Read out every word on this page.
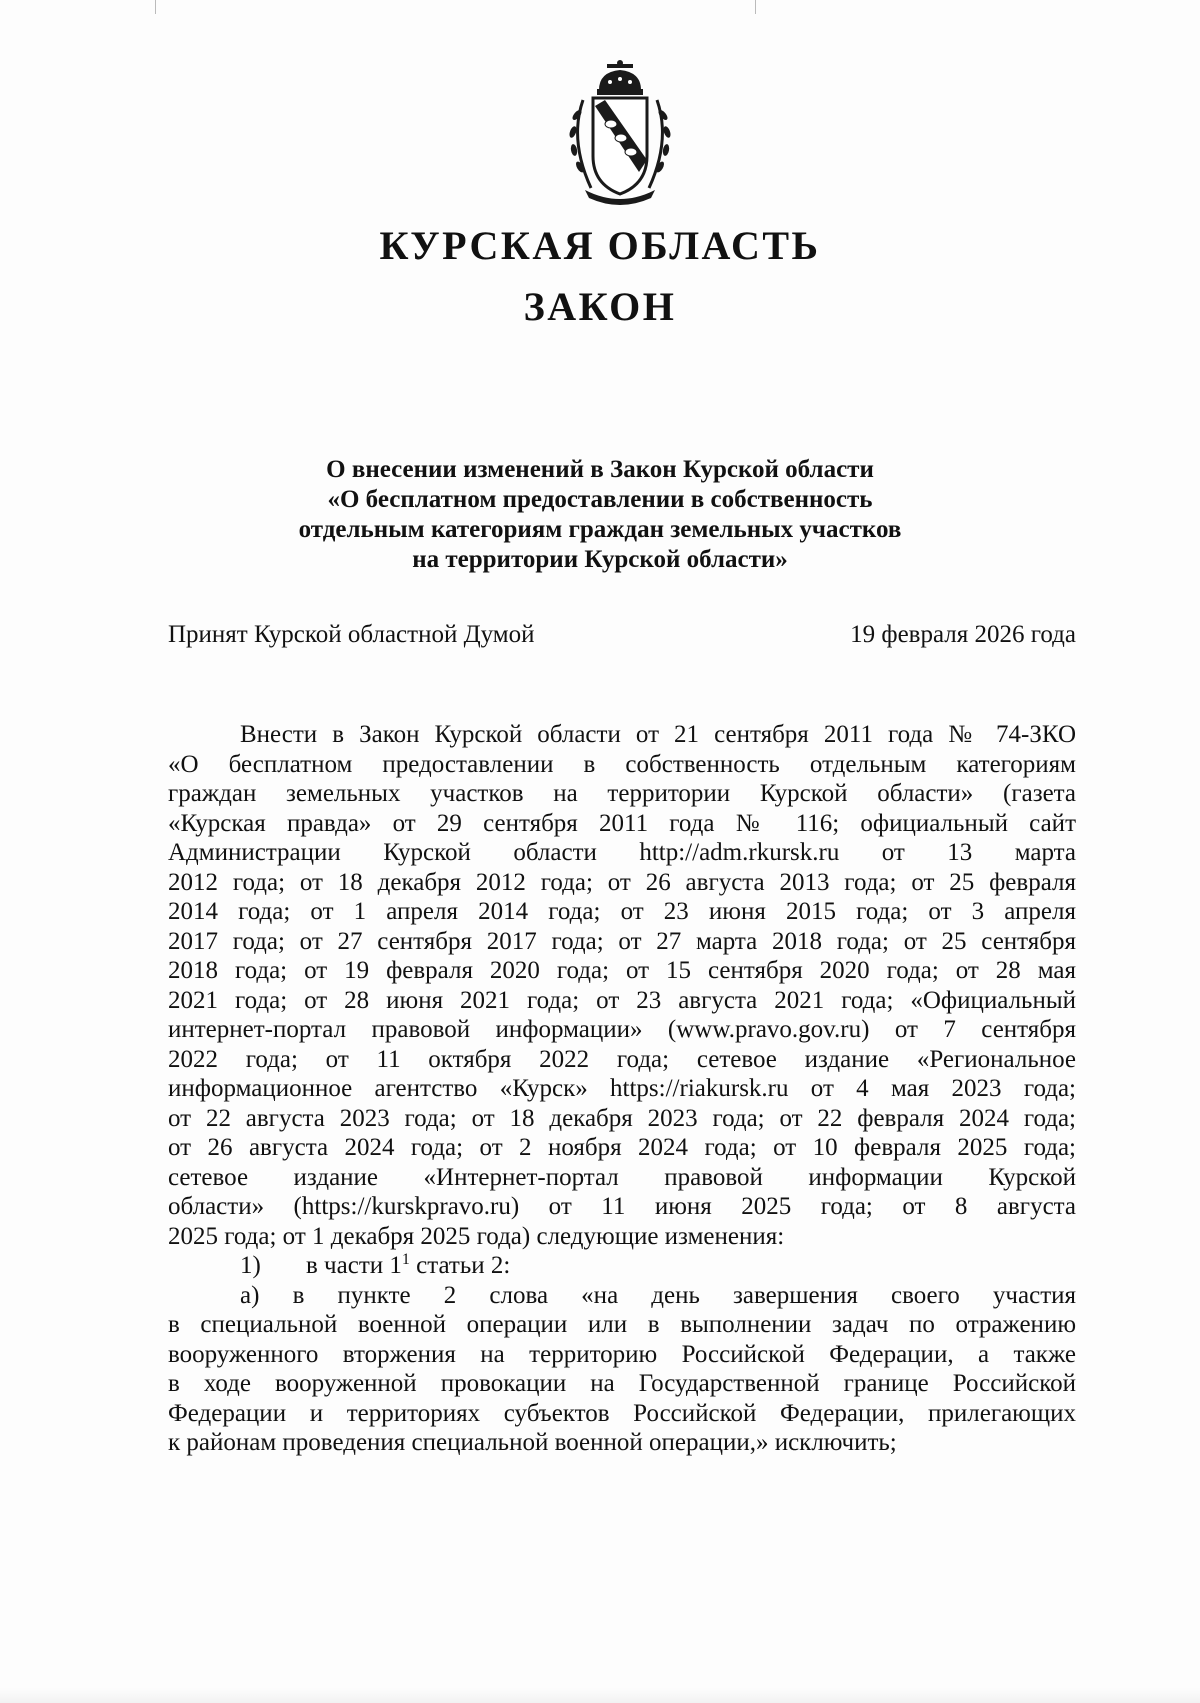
КУРСКАЯ ОБЛАСТЬ
ЗАКОН
О внесении изменений в Закон Курской области
«О бесплатном предоставлении в собственность
отдельным категориям граждан земельных участков
на территории Курской области»
Принят Курской областной Думой	19 февраля 2026 года
Внести в Закон Курской области от 21 сентября 2011 года № 74-ЗКО
«О бесплатном предоставлении в собственность отдельным категориям
граждан земельных участков на территории Курской области» (газета
«Курская правда» от 29 сентября 2011 года № 116; официальный сайт
Администрации Курской области http://adm.rkursk.ru от 13 марта
2012 года; от 18 декабря 2012 года; от 26 августа 2013 года; от 25 февраля
2014 года; от 1 апреля 2014 года; от 23 июня 2015 года; от 3 апреля
2017 года; от 27 сентября 2017 года; от 27 марта 2018 года; от 25 сентября
2018 года; от 19 февраля 2020 года; от 15 сентября 2020 года; от 28 мая
2021 года; от 28 июня 2021 года; от 23 августа 2021 года; «Официальный
интернет-портал правовой информации» (www.pravo.gov.ru) от 7 сентября
2022 года; от 11 октября 2022 года; сетевое издание «Региональное
информационное агентство «Курск» https://riakursk.ru от 4 мая 2023 года;
от 22 августа 2023 года; от 18 декабря 2023 года; от 22 февраля 2024 года;
от 26 августа 2024 года; от 2 ноября 2024 года; от 10 февраля 2025 года;
сетевое издание «Интернет-портал правовой информации Курской
области» (https://kurskpravo.ru) от 11 июня 2025 года; от 8 августа
2025 года; от 1 декабря 2025 года) следующие изменения:
1) в части $1^1$ статьи 2:
а) в пункте 2 слова «на день завершения своего участия
в специальной военной операции или в выполнении задач по отражению
вооруженного вторжения на территорию Российской Федерации, а также
в ходе вооруженной провокации на Государственной границе Российской
Федерации и территориях субъектов Российской Федерации, прилегающих
к районам проведения специальной военной операции,» исключить;
